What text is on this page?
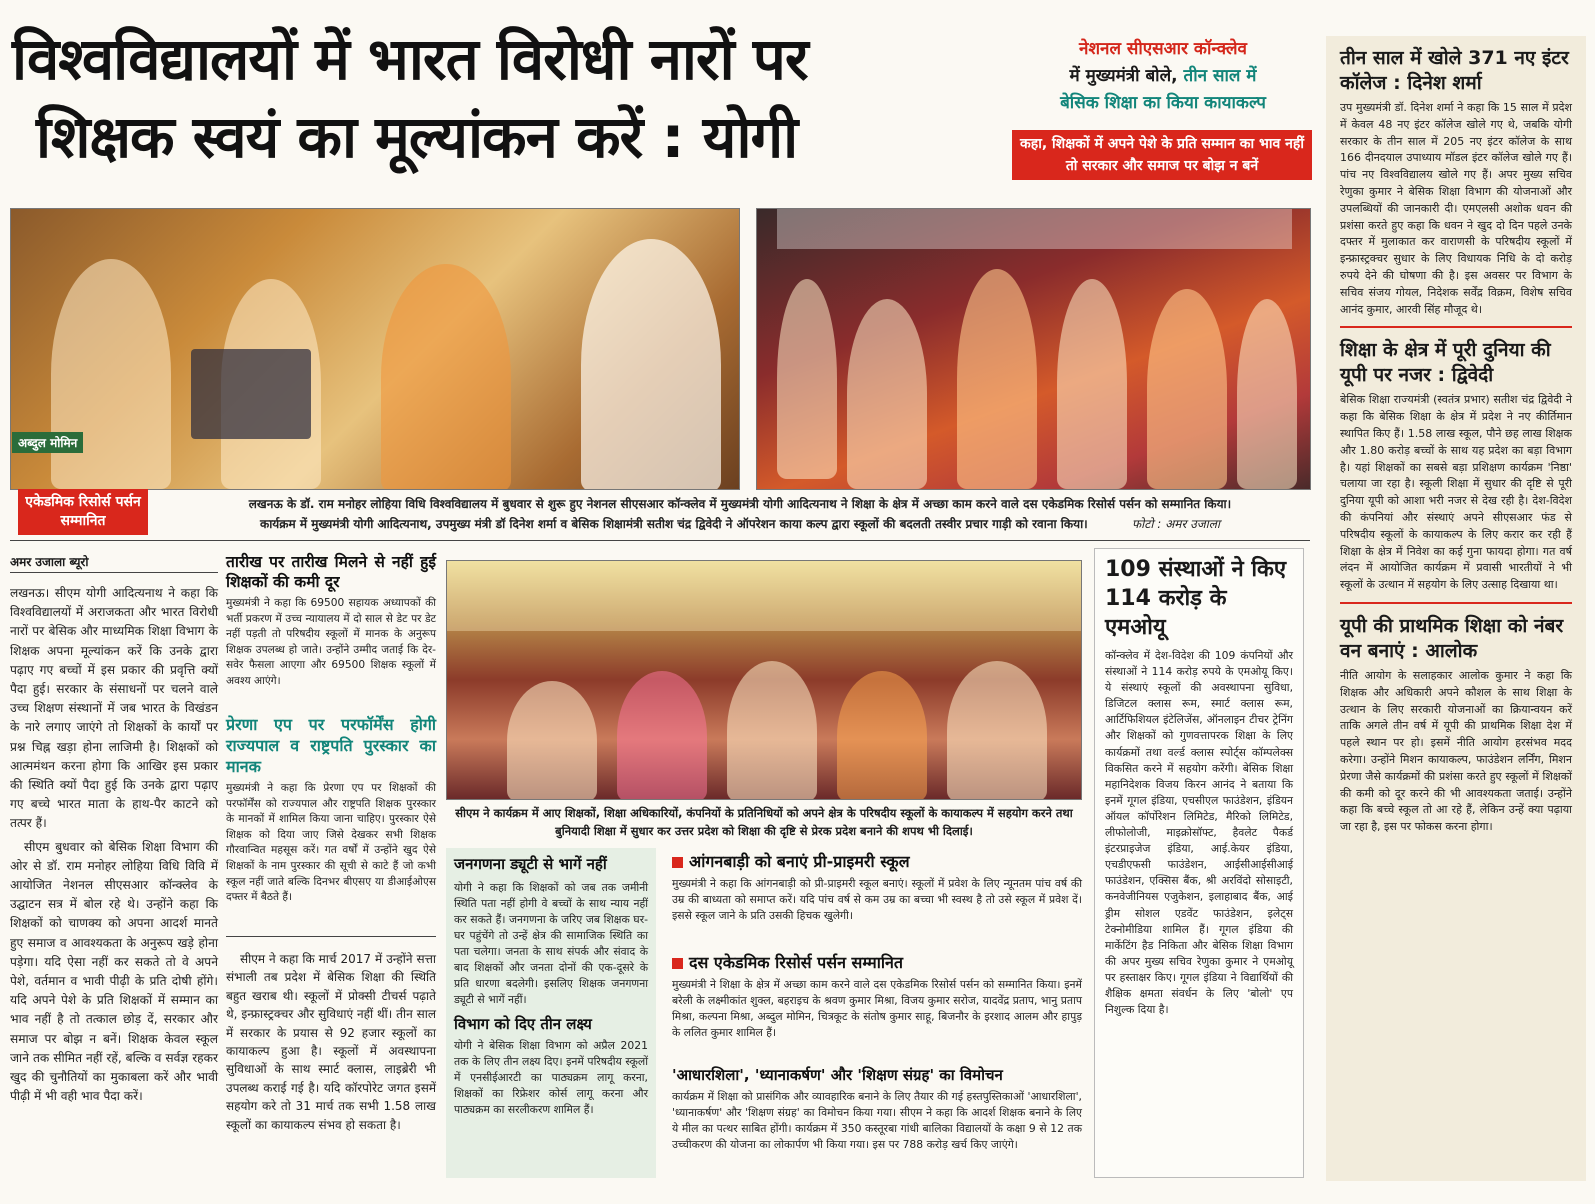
विश्वविद्यालयों में भारत विरोधी नारों पर
शिक्षक स्वयं का मूल्यांकन करें : योगी
नेशनल सीएसआर कॉन्क्लेव
में मुख्यमंत्री बोले, तीन साल में
बेसिक शिक्षा का किया कायाकल्प
कहा, शिक्षकों में अपने पेशे के प्रति सम्मान का भाव नहीं तो सरकार और समाज पर बोझ न बनें
अब्दुल मोमिन
एकेडमिक रिसोर्स पर्सन सम्मानित
लखनऊ के डॉ. राम मनोहर लोहिया विधि विश्वविद्यालय में बुधवार से शुरू हुए नेशनल सीएसआर कॉन्क्लेव में मुख्यमंत्री योगी आदित्यनाथ ने शिक्षा के क्षेत्र में अच्छा काम करने वाले दस एकेडमिक रिसोर्स पर्सन को सम्मानित किया।
कार्यक्रम में मुख्यमंत्री योगी आदित्यनाथ, उपमुख्य मंत्री डॉ दिनेश शर्मा व बेसिक शिक्षामंत्री सतीश चंद्र द्विवेदी ने ऑपरेशन काया कल्प द्वारा स्कूलों की बदलती तस्वीर प्रचार गाड़ी को रवाना किया।	फोटो : अमर उजाला
अमर उजाला ब्यूरो

लखनऊ। सीएम योगी आदित्यनाथ ने कहा कि विश्वविद्यालयों में अराजकता और भारत विरोधी नारों पर बेसिक और माध्यमिक शिक्षा विभाग के शिक्षक अपना मूल्यांकन करें कि उनके द्वारा पढ़ाए गए बच्चों में इस प्रकार की प्रवृत्ति क्यों पैदा हुई। सरकार के संसाधनों पर चलने वाले उच्च शिक्षण संस्थानों में जब भारत के विखंडन के नारे लगाए जाएंगे तो शिक्षकों के कार्यों पर प्रश्न चिह्न खड़ा होना लाजिमी है। शिक्षकों को आत्ममंथन करना होगा कि आखिर इस प्रकार की स्थिति क्यों पैदा हुई कि उनके द्वारा पढ़ाए गए बच्चे भारत माता के हाथ-पैर काटने को तत्पर हैं।

सीएम बुधवार को बेसिक शिक्षा विभाग की ओर से डॉ. राम मनोहर लोहिया विधि विवि में आयोजित नेशनल सीएसआर कॉन्क्लेव के उद्घाटन सत्र में बोल रहे थे। उन्होंने कहा कि शिक्षकों को चाणक्य को अपना आदर्श मानते हुए समाज व आवश्यकता के अनुरूप खड़े होना पड़ेगा। यदि ऐसा नहीं कर सकते तो वे अपने पेशे, वर्तमान व भावी पीढ़ी के प्रति दोषी होंगे। यदि अपने पेशे के प्रति शिक्षकों में सम्मान का भाव नहीं है तो तत्काल छोड़ दें, सरकार और समाज पर बोझ न बनें। शिक्षक केवल स्कूल जाने तक सीमित नहीं रहें, बल्कि व सर्वज्ञ रहकर खुद की चुनौतियों का मुकाबला करें और भावी पीढ़ी में भी वही भाव पैदा करें।

तारीख पर तारीख मिलने से नहीं हुई शिक्षकों की कमी दूर

मुख्यमंत्री ने कहा कि 69500 सहायक अध्यापकों की भर्ती प्रकरण में उच्च न्यायालय में दो साल से डेट पर डेट नहीं पड़ती तो परिषदीय स्कूलों में मानक के अनुरूप शिक्षक उपलब्ध हो जाते। उन्होंने उम्मीद जताई कि देर-सवेर फैसला आएगा और 69500 शिक्षक स्कूलों में अवश्य आएंगे।

प्रेरणा एप पर परफॉर्मेंस होगी राज्यपाल व राष्ट्रपति पुरस्कार का मानक

मुख्यमंत्री ने कहा कि प्रेरणा एप पर शिक्षकों की परफॉर्मेंस को राज्यपाल और राष्ट्रपति शिक्षक पुरस्कार के मानकों में शामिल किया जाना चाहिए। पुरस्कार ऐसे शिक्षक को दिया जाए जिसे देखकर सभी शिक्षक गौरवान्वित महसूस करें। गत वर्षों में उन्होंने खुद ऐसे शिक्षकों के नाम पुरस्कार की सूची से काटे हैं जो कभी स्कूल नहीं जाते बल्कि दिनभर बीएसए या डीआईओएस दफ्तर में बैठते हैं।

सीएम ने कहा कि मार्च 2017 में उन्होंने सत्ता संभाली तब प्रदेश में बेसिक शिक्षा की स्थिति बहुत खराब थी। स्कूलों में प्रोक्सी टीचर्स पढ़ाते थे, इन्फ्रास्ट्रक्चर और सुविधाएं नहीं थीं। तीन साल में सरकार के प्रयास से 92 हजार स्कूलों का कायाकल्प हुआ है। स्कूलों में अवस्थापना सुविधाओं के साथ स्मार्ट क्लास, लाइब्रेरी भी उपलब्ध कराई गई है। यदि कॉरपोरेट जगत इसमें सहयोग करे तो 31 मार्च तक सभी 1.58 लाख स्कूलों का कायाकल्प संभव हो सकता है।

सीएम ने कार्यक्रम में आए शिक्षकों, शिक्षा अधिकारियों, कंपनियों के प्रतिनिधियों को अपने क्षेत्र के परिषदीय स्कूलों के कायाकल्प में सहयोग करने तथा बुनियादी शिक्षा में सुधार कर उत्तर प्रदेश को शिक्षा की दृष्टि से प्रेरक प्रदेश बनाने की शपथ भी दिलाई।
जनगणना ड्यूटी से भागें नहीं

योगी ने कहा कि शिक्षकों को जब तक जमीनी स्थिति पता नहीं होगी वे बच्चों के साथ न्याय नहीं कर सकते हैं। जनगणना के जरिए जब शिक्षक घर-घर पहुंचेंगे तो उन्हें क्षेत्र की सामाजिक स्थिति का पता चलेगा। जनता के साथ संपर्क और संवाद के बाद शिक्षकों और जनता दोनों की एक-दूसरे के प्रति धारणा बदलेगी। इसलिए शिक्षक जनगणना ड्यूटी से भागें नहीं।

विभाग को दिए तीन लक्ष्य

योगी ने बेसिक शिक्षा विभाग को अप्रैल 2021 तक के लिए तीन लक्ष्य दिए। इनमें परिषदीय स्कूलों में एनसीईआरटी का पाठ्यक्रम लागू करना, शिक्षकों का रिफ्रेशर कोर्स लागू करना और पाठ्यक्रम का सरलीकरण शामिल हैं।

आंगनबाड़ी को बनाएं प्री-प्राइमरी स्कूल

मुख्यमंत्री ने कहा कि आंगनबाड़ी को प्री-प्राइमरी स्कूल बनाएं। स्कूलों में प्रवेश के लिए न्यूनतम पांच वर्ष की उम्र की बाध्यता को समाप्त करें। यदि पांच वर्ष से कम उम्र का बच्चा भी स्वस्थ है तो उसे स्कूल में प्रवेश दें। इससे स्कूल जाने के प्रति उसकी हिचक खुलेगी।

दस एकेडमिक रिसोर्स पर्सन सम्मानित

मुख्यमंत्री ने शिक्षा के क्षेत्र में अच्छा काम करने वाले दस एकेडमिक रिसोर्स पर्सन को सम्मानित किया। इनमें बरेली के लक्ष्मीकांत शुक्ल, बहराइच के श्रवण कुमार मिश्रा, विजय कुमार सरोज, यादवेंद्र प्रताप, भानु प्रताप मिश्रा, कल्पना मिश्रा, अब्दुल मोमिन, चित्रकूट के संतोष कुमार साहू, बिजनौर के इरशाद आलम और हापुड़ के ललित कुमार शामिल हैं।

'आधारशिला', 'ध्यानाकर्षण' और 'शिक्षण संग्रह' का विमोचन

कार्यक्रम में शिक्षा को प्रासंगिक और व्यावहारिक बनाने के लिए तैयार की गई हस्तपुस्तिकाओं 'आधारशिला', 'ध्यानाकर्षण' और 'शिक्षण संग्रह' का विमोचन किया गया। सीएम ने कहा कि आदर्श शिक्षक बनाने के लिए ये मील का पत्थर साबित होंगी। कार्यक्रम में 350 कस्तूरबा गांधी बालिका विद्यालयों के कक्षा 9 से 12 तक उच्चीकरण की योजना का लोकार्पण भी किया गया। इस पर 788 करोड़ खर्च किए जाएंगे।

109 संस्थाओं ने किए 114 करोड़ के एमओयू

कॉन्क्लेव में देश-विदेश की 109 कंपनियों और संस्थाओं ने 114 करोड़ रुपये के एमओयू किए। ये संस्थाएं स्कूलों की अवस्थापना सुविधा, डिजिटल क्लास रूम, स्मार्ट क्लास रूम, आर्टिफिशियल इंटेलिजेंस, ऑनलाइन टीचर ट्रेनिंग और शिक्षकों को गुणवत्तापरक शिक्षा के लिए कार्यक्रमों तथा वर्ल्ड क्लास स्पोर्ट्स कॉम्पलेक्स विकसित करने में सहयोग करेंगी। बेसिक शिक्षा महानिदेशक विजय किरन आनंद ने बताया कि इनमें गूगल इंडिया, एचसीएल फाउंडेशन, इंडियन ऑयल कॉर्पोरेशन लिमिटेड, मैरिको लिमिटेड, लीफोलोजी, माइक्रोसॉफ्ट, हैवलेट पैकर्ड इंटरप्राइजेज इंडिया, आई.केयर इंडिया, एचडीएफसी फाउंडेशन, आईसीआईसीआई फाउंडेशन, एक्सिस बैंक, श्री अरविंदो सोसाइटी, कनवेजीनियस एजुकेशन, इलाहाबाद बैंक, आई ड्रीम सोशल एडवेंट फाउंडेशन, इलेट्स टेक्नोमीडिया शामिल हैं। गूगल इंडिया की मार्केटिंग हैड निकिता और बेसिक शिक्षा विभाग की अपर मुख्य सचिव रेणुका कुमार ने एमओयू पर हस्ताक्षर किए। गूगल इंडिया ने विद्यार्थियों की शैक्षिक क्षमता संवर्धन के लिए 'बोलो' एप निशुल्क दिया है।

तीन साल में खोले 371 नए इंटर कॉलेज : दिनेश शर्मा

उप मुख्यमंत्री डॉ. दिनेश शर्मा ने कहा कि 15 साल में प्रदेश में केवल 48 नए इंटर कॉलेज खोले गए थे, जबकि योगी सरकार के तीन साल में 205 नए इंटर कॉलेज के साथ 166 दीनदयाल उपाध्याय मॉडल इंटर कॉलेज खोले गए हैं। पांच नए विश्वविद्यालय खोले गए हैं। अपर मुख्य सचिव रेणुका कुमार ने बेसिक शिक्षा विभाग की योजनाओं और उपलब्धियों की जानकारी दी। एमएलसी अशोक धवन की प्रशंसा करते हुए कहा कि धवन ने खुद दो दिन पहले उनके दफ्तर में मुलाकात कर वाराणसी के परिषदीय स्कूलों में इन्फ्रास्ट्रक्चर सुधार के लिए विधायक निधि के दो करोड़ रुपये देने की घोषणा की है। इस अवसर पर विभाग के सचिव संजय गोयल, निदेशक सर्वेंद्र विक्रम, विशेष सचिव आनंद कुमार, आरवी सिंह मौजूद थे।

शिक्षा के क्षेत्र में पूरी दुनिया की यूपी पर नजर : द्विवेदी

बेसिक शिक्षा राज्यमंत्री (स्वतंत्र प्रभार) सतीश चंद्र द्विवेदी ने कहा कि बेसिक शिक्षा के क्षेत्र में प्रदेश ने नए कीर्तिमान स्थापित किए हैं। 1.58 लाख स्कूल, पौने छह लाख शिक्षक और 1.80 करोड़ बच्चों के साथ यह प्रदेश का बड़ा विभाग है। यहां शिक्षकों का सबसे बड़ा प्रशिक्षण कार्यक्रम 'निष्ठा' चलाया जा रहा है। स्कूली शिक्षा में सुधार की दृष्टि से पूरी दुनिया यूपी को आशा भरी नजर से देख रही है। देश-विदेश की कंपनियां और संस्थाएं अपने सीएसआर फंड से परिषदीय स्कूलों के कायाकल्प के लिए करार कर रही हैं शिक्षा के क्षेत्र में निवेश का कई गुना फायदा होगा। गत वर्ष लंदन में आयोजित कार्यक्रम में प्रवासी भारतीयों ने भी स्कूलों के उत्थान में सहयोग के लिए उत्साह दिखाया था।

यूपी की प्राथमिक शिक्षा को नंबर वन बनाएं : आलोक

नीति आयोग के सलाहकार आलोक कुमार ने कहा कि शिक्षक और अधिकारी अपने कौशल के साथ शिक्षा के उत्थान के लिए सरकारी योजनाओं का क्रियान्वयन करें ताकि अगले तीन वर्ष में यूपी की प्राथमिक शिक्षा देश में पहले स्थान पर हो। इसमें नीति आयोग हरसंभव मदद करेगा। उन्होंने मिशन कायाकल्प, फाउंडेशन लर्निंग, मिशन प्रेरणा जैसे कार्यक्रमों की प्रशंसा करते हुए स्कूलों में शिक्षकों की कमी को दूर करने की भी आवश्यकता जताई। उन्होंने कहा कि बच्चे स्कूल तो आ रहे हैं, लेकिन उन्हें क्या पढ़ाया जा रहा है, इस पर फोकस करना होगा।
